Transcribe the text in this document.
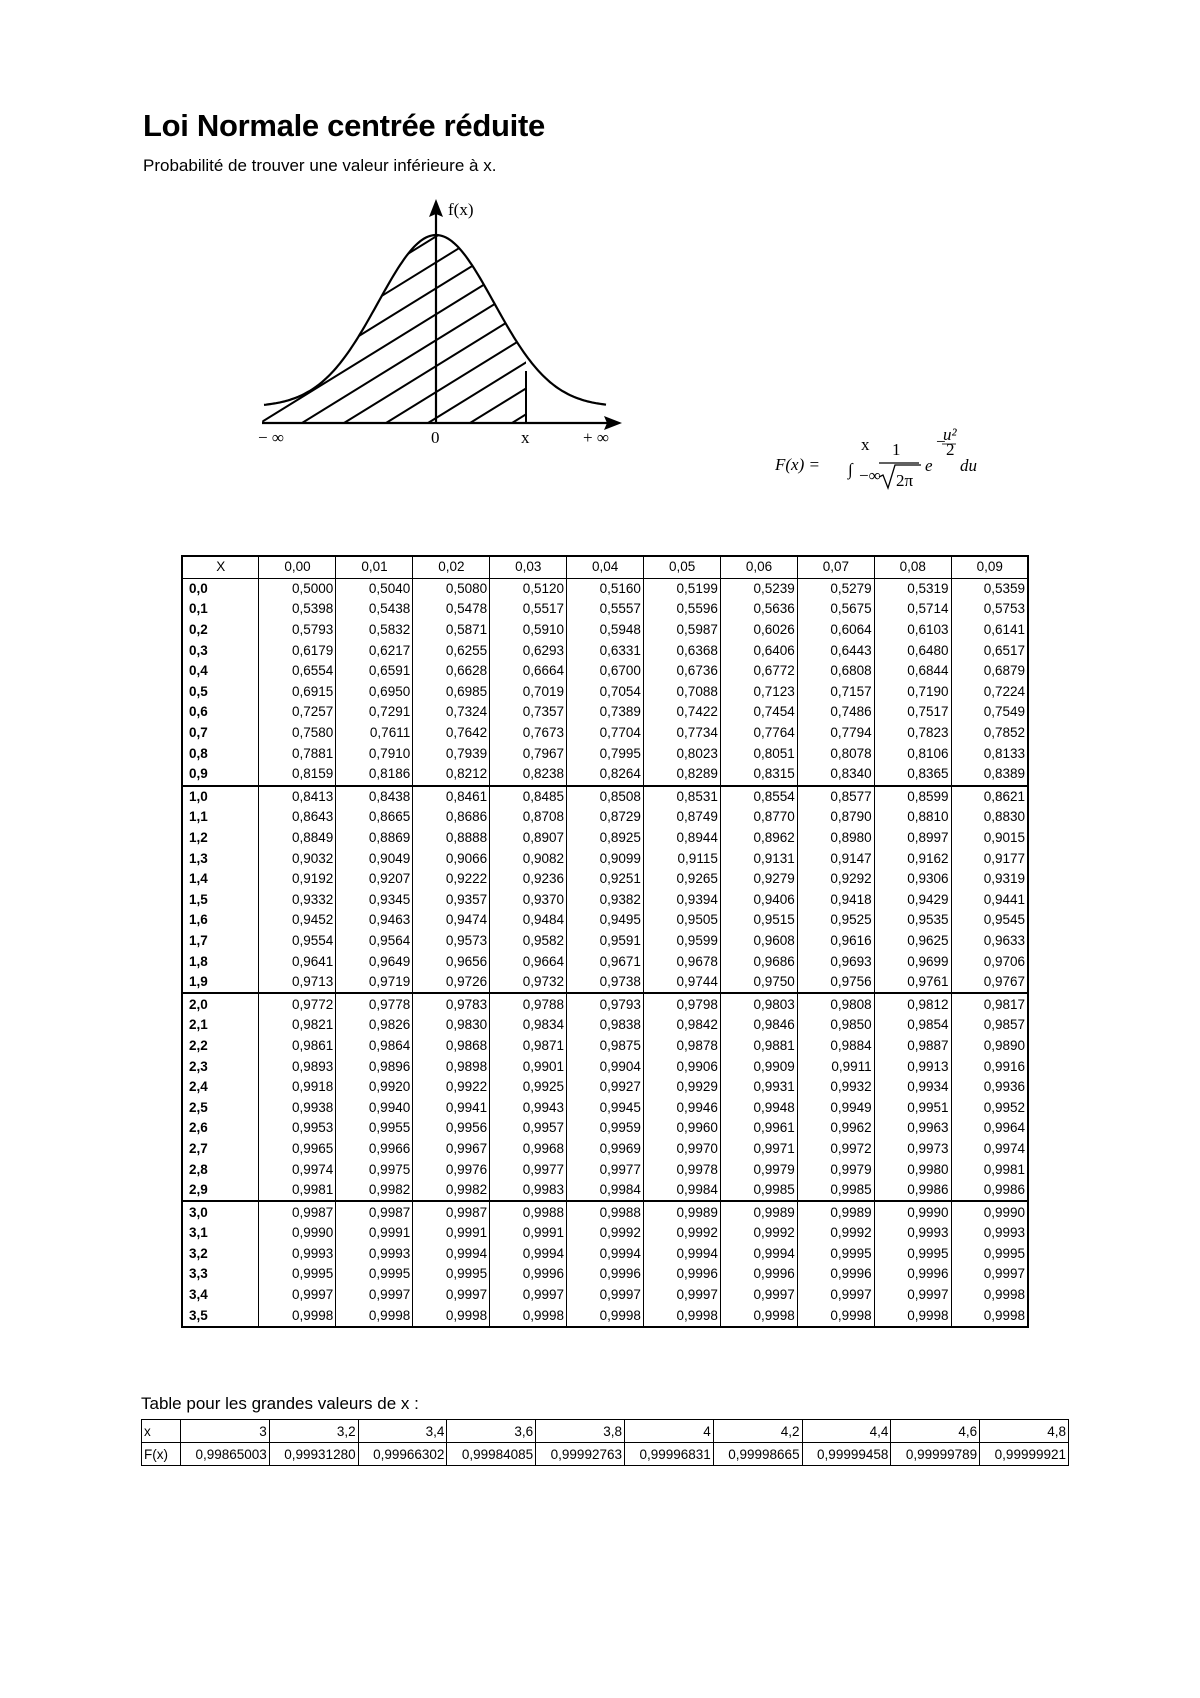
Loi Normale centrée réduite

Probabilité de trouver une valeur inférieure à x.

f(x)
− ∞	0	x	+ ∞
F(x) = ∫
x
−∞
1
2π
e
−
u²
2
du
X	0,00	0,01	0,02	0,03	0,04	0,05	0,06	0,07	0,08	0,09
0,0	0,5000	0,5040	0,5080	0,5120	0,5160	0,5199	0,5239	0,5279	0,5319	0,5359
0,1	0,5398	0,5438	0,5478	0,5517	0,5557	0,5596	0,5636	0,5675	0,5714	0,5753
0,2	0,5793	0,5832	0,5871	0,5910	0,5948	0,5987	0,6026	0,6064	0,6103	0,6141
0,3	0,6179	0,6217	0,6255	0,6293	0,6331	0,6368	0,6406	0,6443	0,6480	0,6517
0,4	0,6554	0,6591	0,6628	0,6664	0,6700	0,6736	0,6772	0,6808	0,6844	0,6879
0,5	0,6915	0,6950	0,6985	0,7019	0,7054	0,7088	0,7123	0,7157	0,7190	0,7224
0,6	0,7257	0,7291	0,7324	0,7357	0,7389	0,7422	0,7454	0,7486	0,7517	0,7549
0,7	0,7580	0,7611	0,7642	0,7673	0,7704	0,7734	0,7764	0,7794	0,7823	0,7852
0,8	0,7881	0,7910	0,7939	0,7967	0,7995	0,8023	0,8051	0,8078	0,8106	0,8133
0,9	0,8159	0,8186	0,8212	0,8238	0,8264	0,8289	0,8315	0,8340	0,8365	0,8389
1,0	0,8413	0,8438	0,8461	0,8485	0,8508	0,8531	0,8554	0,8577	0,8599	0,8621
1,1	0,8643	0,8665	0,8686	0,8708	0,8729	0,8749	0,8770	0,8790	0,8810	0,8830
1,2	0,8849	0,8869	0,8888	0,8907	0,8925	0,8944	0,8962	0,8980	0,8997	0,9015
1,3	0,9032	0,9049	0,9066	0,9082	0,9099	0,9115	0,9131	0,9147	0,9162	0,9177
1,4	0,9192	0,9207	0,9222	0,9236	0,9251	0,9265	0,9279	0,9292	0,9306	0,9319
1,5	0,9332	0,9345	0,9357	0,9370	0,9382	0,9394	0,9406	0,9418	0,9429	0,9441
1,6	0,9452	0,9463	0,9474	0,9484	0,9495	0,9505	0,9515	0,9525	0,9535	0,9545
1,7	0,9554	0,9564	0,9573	0,9582	0,9591	0,9599	0,9608	0,9616	0,9625	0,9633
1,8	0,9641	0,9649	0,9656	0,9664	0,9671	0,9678	0,9686	0,9693	0,9699	0,9706
1,9	0,9713	0,9719	0,9726	0,9732	0,9738	0,9744	0,9750	0,9756	0,9761	0,9767
2,0	0,9772	0,9778	0,9783	0,9788	0,9793	0,9798	0,9803	0,9808	0,9812	0,9817
2,1	0,9821	0,9826	0,9830	0,9834	0,9838	0,9842	0,9846	0,9850	0,9854	0,9857
2,2	0,9861	0,9864	0,9868	0,9871	0,9875	0,9878	0,9881	0,9884	0,9887	0,9890
2,3	0,9893	0,9896	0,9898	0,9901	0,9904	0,9906	0,9909	0,9911	0,9913	0,9916
2,4	0,9918	0,9920	0,9922	0,9925	0,9927	0,9929	0,9931	0,9932	0,9934	0,9936
2,5	0,9938	0,9940	0,9941	0,9943	0,9945	0,9946	0,9948	0,9949	0,9951	0,9952
2,6	0,9953	0,9955	0,9956	0,9957	0,9959	0,9960	0,9961	0,9962	0,9963	0,9964
2,7	0,9965	0,9966	0,9967	0,9968	0,9969	0,9970	0,9971	0,9972	0,9973	0,9974
2,8	0,9974	0,9975	0,9976	0,9977	0,9977	0,9978	0,9979	0,9979	0,9980	0,9981
2,9	0,9981	0,9982	0,9982	0,9983	0,9984	0,9984	0,9985	0,9985	0,9986	0,9986
3,0	0,9987	0,9987	0,9987	0,9988	0,9988	0,9989	0,9989	0,9989	0,9990	0,9990
3,1	0,9990	0,9991	0,9991	0,9991	0,9992	0,9992	0,9992	0,9992	0,9993	0,9993
3,2	0,9993	0,9993	0,9994	0,9994	0,9994	0,9994	0,9994	0,9995	0,9995	0,9995
3,3	0,9995	0,9995	0,9995	0,9996	0,9996	0,9996	0,9996	0,9996	0,9996	0,9997
3,4	0,9997	0,9997	0,9997	0,9997	0,9997	0,9997	0,9997	0,9997	0,9997	0,9998
3,5	0,9998	0,9998	0,9998	0,9998	0,9998	0,9998	0,9998	0,9998	0,9998	0,9998

Table pour les grandes valeurs de x :

x	3	3,2	3,4	3,6	3,8	4	4,2	4,4	4,6	4,8
F(x)	0,99865003	0,99931280	0,99966302	0,99984085	0,99992763	0,99996831	0,99998665	0,99999458	0,99999789	0,99999921
